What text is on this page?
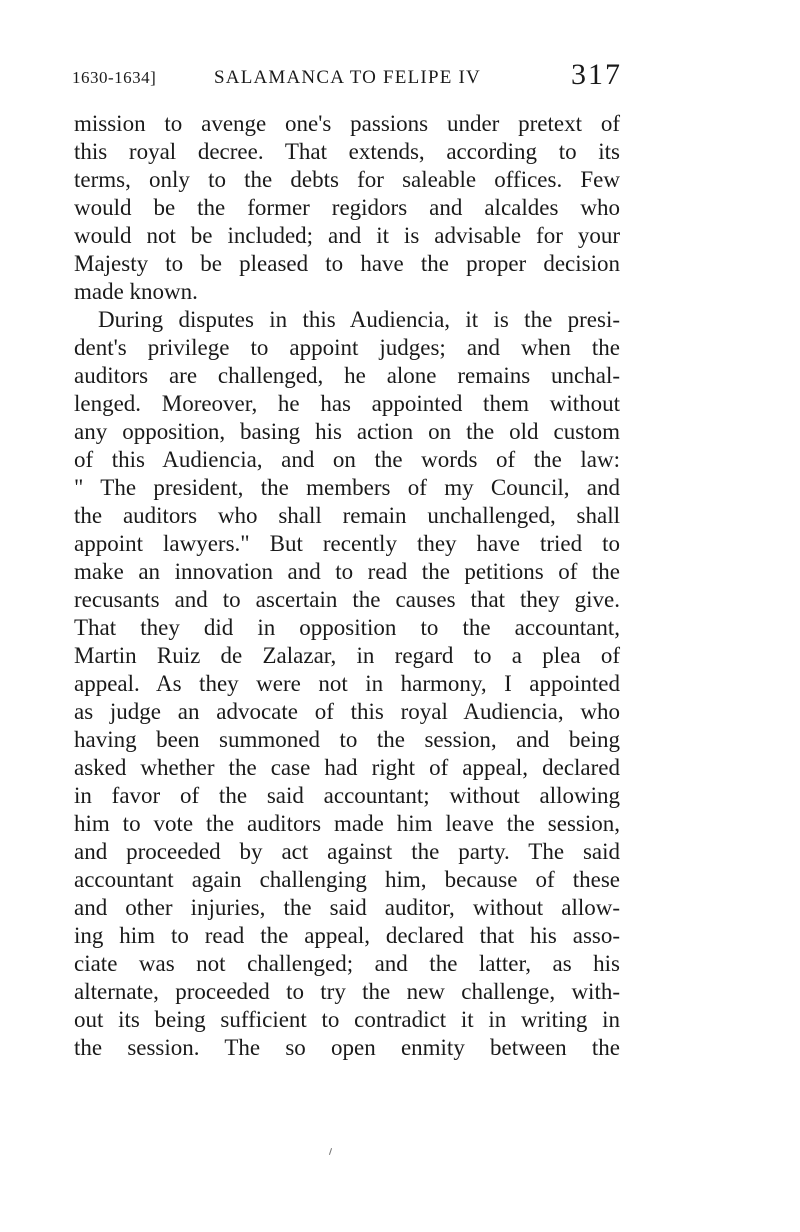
1630-1634]	SALAMANCA TO FELIPE IV	317
mission to avenge one's passions under pretext of
this royal decree. That extends, according to its
terms, only to the debts for saleable offices. Few
would be the former regidors and alcaldes who
would not be included; and it is advisable for your
Majesty to be pleased to have the proper decision
made known.
During disputes in this Audiencia, it is the presi-
dent's privilege to appoint judges; and when the
auditors are challenged, he alone remains unchal-
lenged. Moreover, he has appointed them without
any opposition, basing his action on the old custom
of this Audiencia, and on the words of the law:
" The president, the members of my Council, and
the auditors who shall remain unchallenged, shall
appoint lawyers." But recently they have tried to
make an innovation and to read the petitions of the
recusants and to ascertain the causes that they give.
That they did in opposition to the accountant,
Martin Ruiz de Zalazar, in regard to a plea of
appeal. As they were not in harmony, I appointed
as judge an advocate of this royal Audiencia, who
having been summoned to the session, and being
asked whether the case had right of appeal, declared
in favor of the said accountant; without allowing
him to vote the auditors made him leave the session,
and proceeded by act against the party. The said
accountant again challenging him, because of these
and other injuries, the said auditor, without allow-
ing him to read the appeal, declared that his asso-
ciate was not challenged; and the latter, as his
alternate, proceeded to try the new challenge, with-
out its being sufficient to contradict it in writing in
the session. The so open enmity between the
